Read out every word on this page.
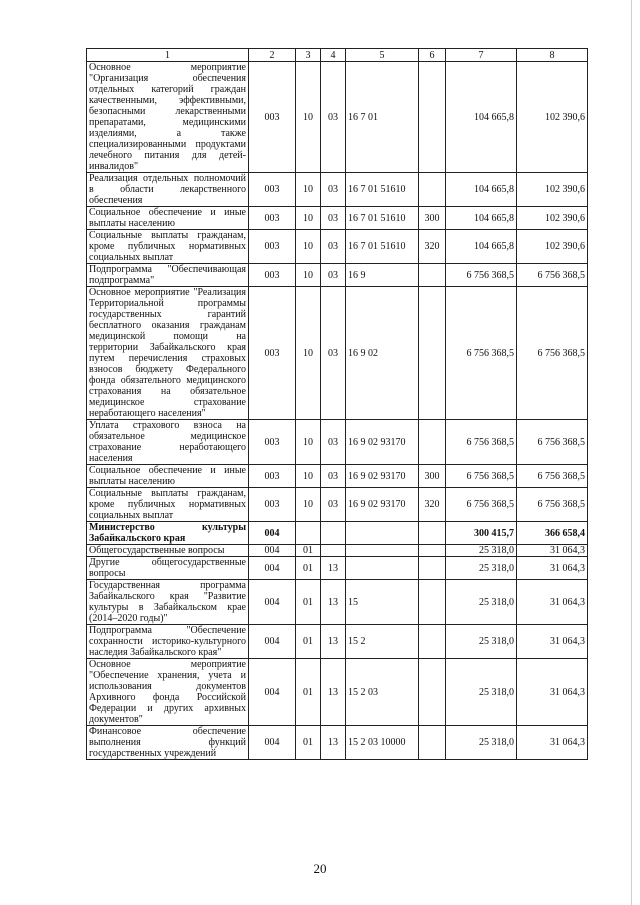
1	2	3	4	5	6	7	8
Основное мероприятие "Организация обеспечения отдельных категорий граждан качественными, эффективными, безопасными лекарственными препаратами, медицинскими изделиями, а также специализированными продуктами лечебного питания для детей-инвалидов"	003	10	03	16 7 01		104 665,8	102 390,6
Реализация отдельных полномочий в области лекарственного обеспечения	003	10	03	16 7 01 51610		104 665,8	102 390,6
Социальное обеспечение и иные выплаты населению	003	10	03	16 7 01 51610	300	104 665,8	102 390,6
Социальные выплаты гражданам, кроме публичных нормативных социальных выплат	003	10	03	16 7 01 51610	320	104 665,8	102 390,6
Подпрограмма "Обеспечивающая подпрограмма"	003	10	03	16 9		6 756 368,5	6 756 368,5
Основное мероприятие "Реализация Территориальной программы государственных гарантий бесплатного оказания гражданам медицинской помощи на территории Забайкальского края путем перечисления страховых взносов бюджету Федерального фонда обязательного медицинского страхования на обязательное медицинское страхование неработающего населения"	003	10	03	16 9 02		6 756 368,5	6 756 368,5
Уплата страхового взноса на обязательное медицинское страхование неработающего населения	003	10	03	16 9 02 93170		6 756 368,5	6 756 368,5
Социальное обеспечение и иные выплаты населению	003	10	03	16 9 02 93170	300	6 756 368,5	6 756 368,5
Социальные выплаты гражданам, кроме публичных нормативных социальных выплат	003	10	03	16 9 02 93170	320	6 756 368,5	6 756 368,5
Министерство культуры Забайкальского края	004					300 415,7	366 658,4
Общегосударственные вопросы	004	01				25 318,0	31 064,3
Другие общегосударственные вопросы	004	01	13			25 318,0	31 064,3
Государственная программа Забайкальского края "Развитие культуры в Забайкальском крае (2014–2020 годы)"	004	01	13	15		25 318,0	31 064,3
Подпрограмма "Обеспечение сохранности историко-культурного наследия Забайкальского края"	004	01	13	15 2		25 318,0	31 064,3
Основное мероприятие "Обеспечение хранения, учета и использования документов Архивного фонда Российской Федерации и других архивных документов"	004	01	13	15 2 03		25 318,0	31 064,3
Финансовое обеспечение выполнения функций государственных учреждений	004	01	13	15 2 03 10000		25 318,0	31 064,3
20
